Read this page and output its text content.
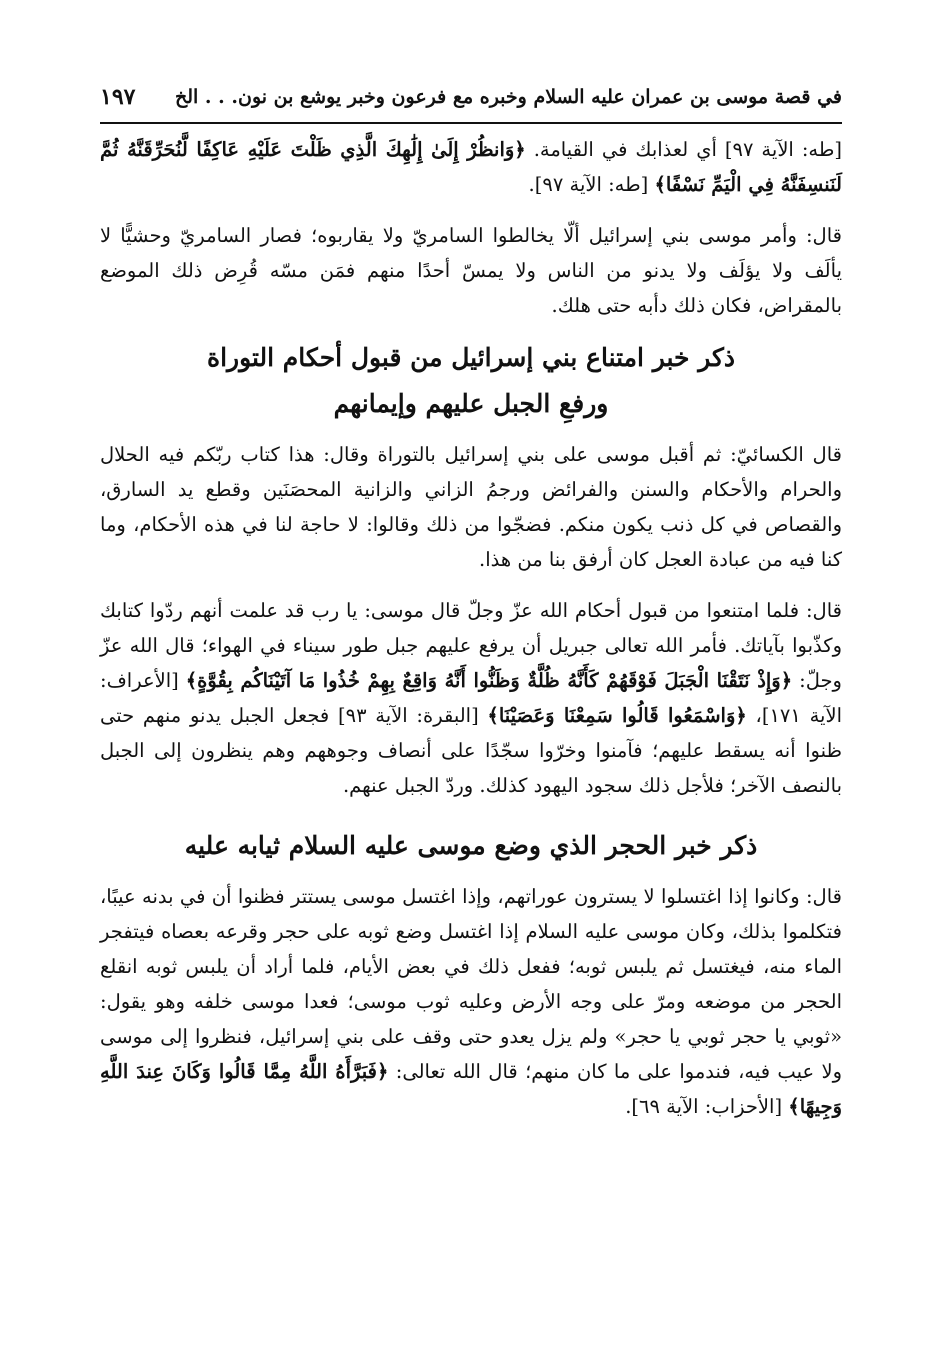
في قصة موسى بن عمران عليه السلام وخبره مع فرعون وخبر يوشع بن نون. . . الخ
١٩٧

[طه: الآية ٩٧] أي لعذابك في القيامة. ﴿وَانظُرْ إِلَىٰ إِلَٰهِكَ الَّذِي ظَلْتَ عَلَيْهِ عَاكِفًا لَّنُحَرِّقَنَّهُ ثُمَّ لَنَنسِفَنَّهُ فِي الْيَمِّ نَسْفًا﴾ [طه: الآية ٩٧].

قال: وأمر موسى بني إسرائيل ألّا يخالطوا السامريّ ولا يقاربوه؛ فصار السامريّ وحشيًّا لا يألَف ولا يؤلَف ولا يدنو من الناس ولا يمسّ أحدًا منهم فمَن مسّه قُرِض ذلك الموضع بالمقراض، فكان ذلك دأبه حتى هلك.

ذكر خبر امتناع بني إسرائيل من قبول أحكام التوراة
ورفعِ الجبل عليهم وإيمانهم

قال الكسائيّ: ثم أقبل موسى على بني إسرائيل بالتوراة وقال: هذا كتاب ربّكم فيه الحلال والحرام والأحكام والسنن والفرائض ورجمُ الزاني والزانية المحصَنَين وقطع يد السارق، والقصاص في كل ذنب يكون منكم. فضجّوا من ذلك وقالوا: لا حاجة لنا في هذه الأحكام، وما كنا فيه من عبادة العجل كان أرفق بنا من هذا.

قال: فلما امتنعوا من قبول أحكام الله عزّ وجلّ قال موسى: يا رب قد علمت أنهم ردّوا كتابك وكذّبوا بآياتك. فأمر الله تعالى جبريل أن يرفع عليهم جبل طور سيناء في الهواء؛ قال الله عزّ وجلّ: ﴿وَإِذْ نَتَقْنَا الْجَبَلَ فَوْقَهُمْ كَأَنَّهُ ظُلَّةٌ وَظَنُّوا أَنَّهُ وَاقِعٌ بِهِمْ خُذُوا مَا آتَيْنَاكُم بِقُوَّةٍ﴾ [الأعراف: الآية ١٧١]، ﴿وَاسْمَعُوا قَالُوا سَمِعْنَا وَعَصَيْنَا﴾ [البقرة: الآية ٩٣] فجعل الجبل يدنو منهم حتى ظنوا أنه يسقط عليهم؛ فآمنوا وخرّوا سجّدًا على أنصاف وجوههم وهم ينظرون إلى الجبل بالنصف الآخر؛ فلأجل ذلك سجود اليهود كذلك. وردّ الجبل عنهم.

ذكر خبر الحجر الذي وضع موسى عليه السلام ثيابه عليه

قال: وكانوا إذا اغتسلوا لا يسترون عوراتهم، وإذا اغتسل موسى يستتر فظنوا أن في بدنه عيبًا، فتكلموا بذلك، وكان موسى عليه السلام إذا اغتسل وضع ثوبه على حجر وقرعه بعصاه فيتفجر الماء منه، فيغتسل ثم يلبس ثوبه؛ ففعل ذلك في بعض الأيام، فلما أراد أن يلبس ثوبه انقلع الحجر من موضعه ومرّ على وجه الأرض وعليه ثوب موسى؛ فعدا موسى خلفه وهو يقول: «ثوبي يا حجر ثوبي يا حجر» ولم يزل يعدو حتى وقف على بني إسرائيل، فنظروا إلى موسى ولا عيب فيه، فندموا على ما كان منهم؛ قال الله تعالى: ﴿فَبَرَّأَهُ اللَّهُ مِمَّا قَالُوا وَكَانَ عِندَ اللَّهِ وَجِيهًا﴾ [الأحزاب: الآية ٦٩].
